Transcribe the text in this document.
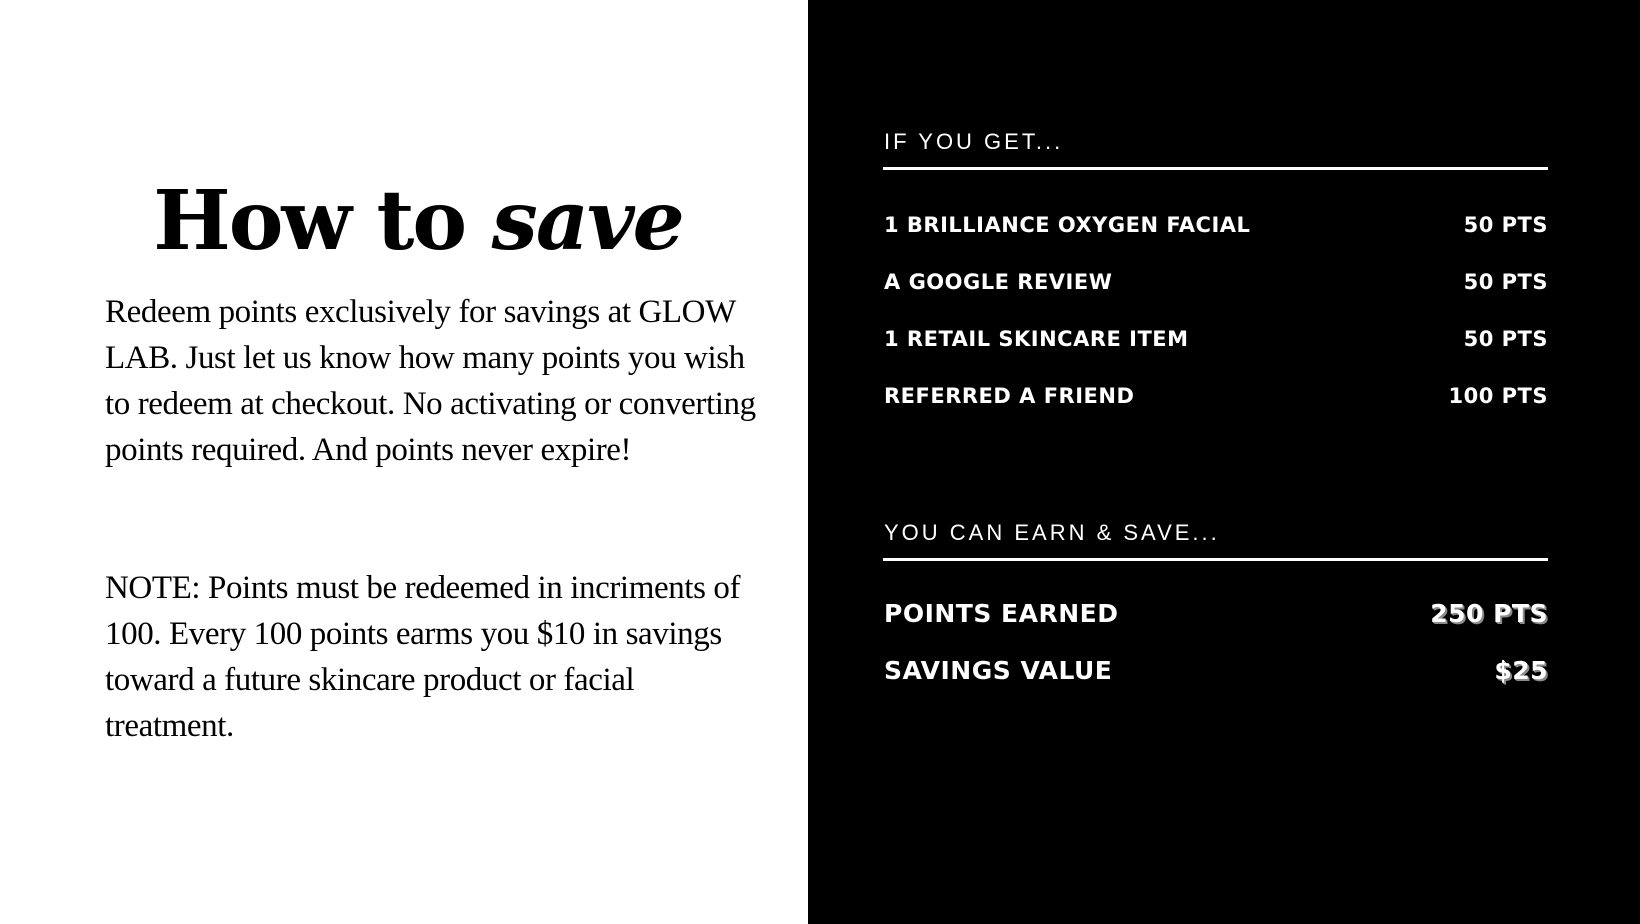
How to save

Redeem points exclusively for savings at GLOW LAB. Just let us know how many points you wish to redeem at checkout. No activating or converting points required. And points never expire!

NOTE: Points must be redeemed in incriments of 100. Every 100 points earms you $10 in savings toward a future skincare product or facial treatment.

IF YOU GET...
1 BRILLIANCE OXYGEN FACIAL	50 PTS
A GOOGLE REVIEW	50 PTS
1 RETAIL SKINCARE ITEM	50 PTS
REFERRED A FRIEND	100 PTS
YOU CAN EARN & SAVE...
POINTS EARNED	250 PTS
SAVINGS VALUE	$25
